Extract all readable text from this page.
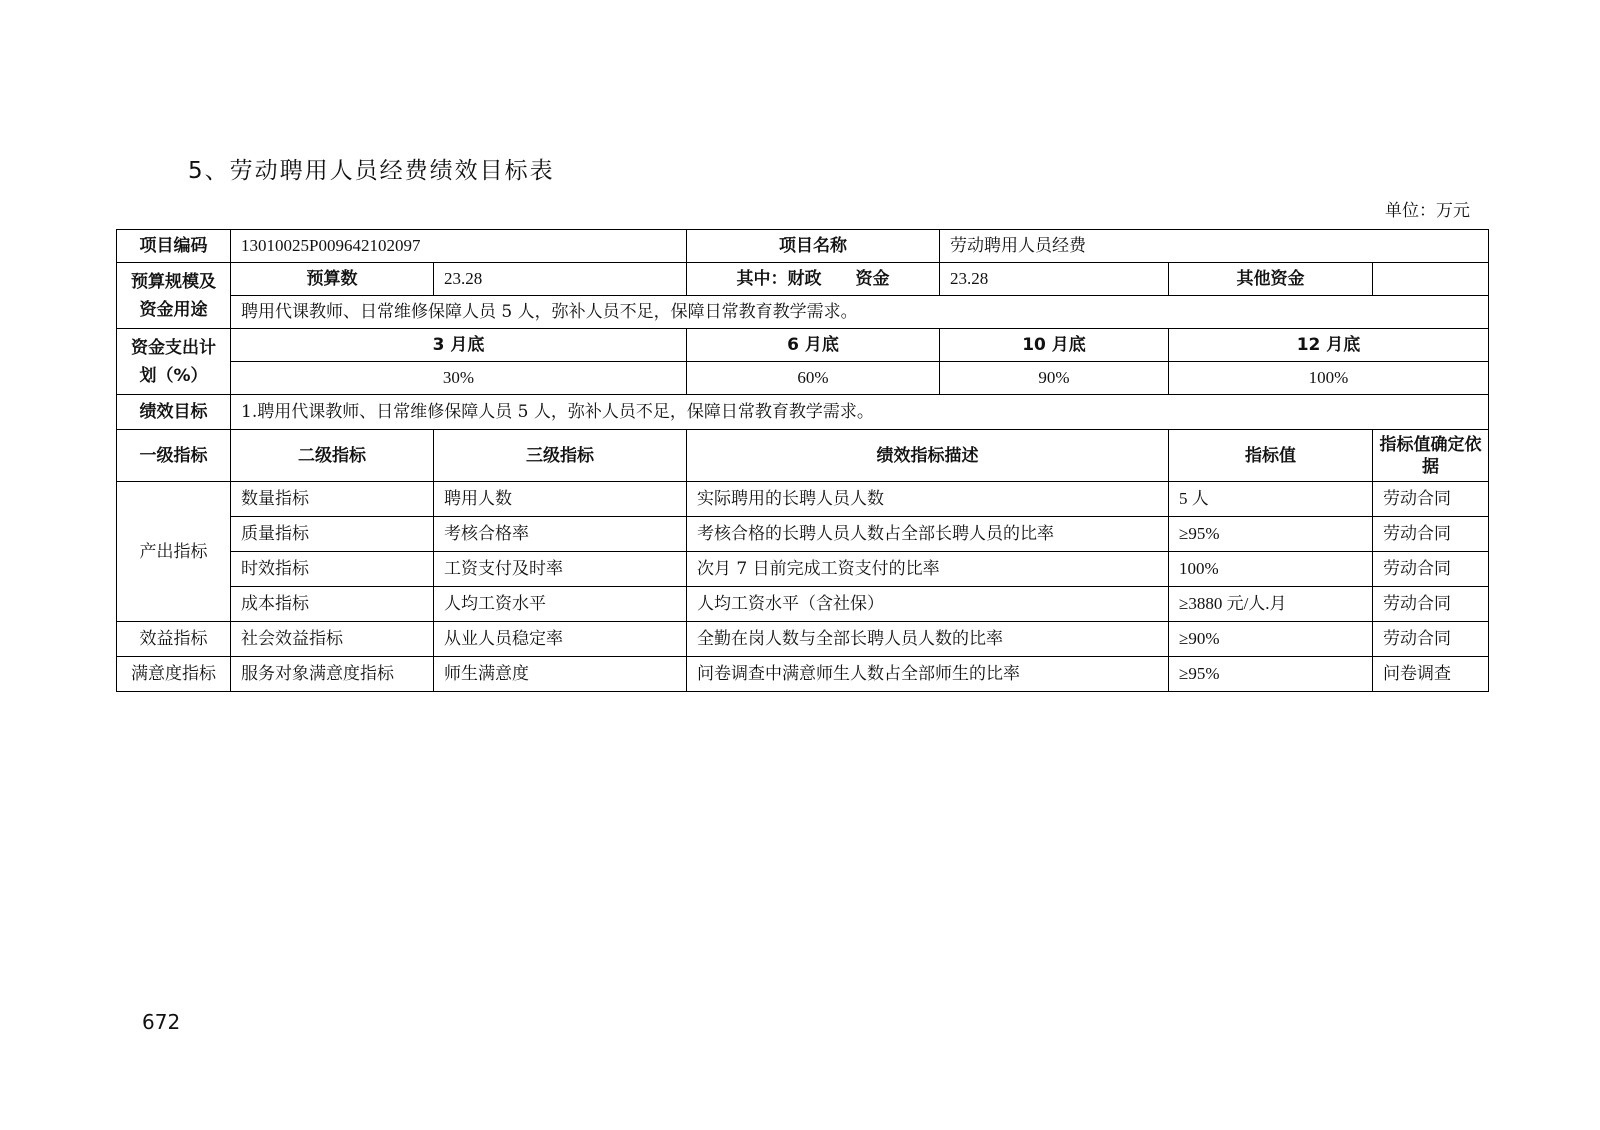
5、劳动聘用人员经费绩效目标表
单位：万元
项目编码	13010025P009642102097		项目名称	劳动聘用人员经费		
预算规模及资金用途	预算数	23.28	其中：财政　　资金	23.28	其他资金	
	聘用代课教师、日常维修保障人员 5 人，弥补人员不足，保障日常教育教学需求。					
资金支出计划（%）	3 月底		6 月底	10 月底	12 月底	
	30%		60%	90%	100%	
绩效目标	1.聘用代课教师、日常维修保障人员 5 人，弥补人员不足，保障日常教育教学需求。					
一级指标	二级指标	三级指标	绩效指标描述		指标值	指标值确定依据
产出指标	数量指标	聘用人数	实际聘用的长聘人员人数		5 人	劳动合同
	质量指标	考核合格率	考核合格的长聘人员人数占全部长聘人员的比率		≥95%	劳动合同
	时效指标	工资支付及时率	次月 7 日前完成工资支付的比率		100%	劳动合同
	成本指标	人均工资水平	人均工资水平（含社保）		≥3880 元/人.月	劳动合同
效益指标	社会效益指标	从业人员稳定率	全勤在岗人数与全部长聘人员人数的比率		≥90%	劳动合同
满意度指标	服务对象满意度指标	师生满意度	问卷调查中满意师生人数占全部师生的比率		≥95%	问卷调查
672
